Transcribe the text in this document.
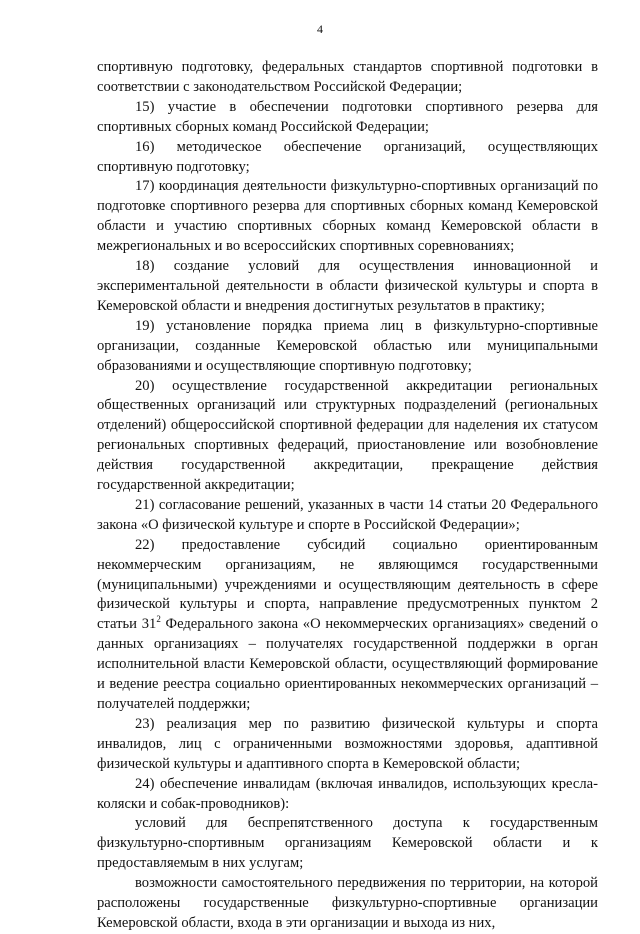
4

спортивную подготовку, федеральных стандартов спортивной подготовки в соответствии с законодательством Российской Федерации;

15) участие в обеспечении подготовки спортивного резерва для спортивных сборных команд Российской Федерации;

16) методическое обеспечение организаций, осуществляющих спортивную подготовку;

17) координация деятельности физкультурно-спортивных организаций по подготовке спортивного резерва для спортивных сборных команд Кемеровской области и участию спортивных сборных команд Кемеровской области в межрегиональных и во всероссийских спортивных соревнованиях;

18) создание условий для осуществления инновационной и экспериментальной деятельности в области физической культуры и спорта в Кемеровской области и внедрения достигнутых результатов в практику;

19) установление порядка приема лиц в физкультурно-спортивные организации, созданные Кемеровской областью или муниципальными образованиями и осуществляющие спортивную подготовку;

20) осуществление государственной аккредитации региональных общественных организаций или структурных подразделений (региональных отделений) общероссийской спортивной федерации для наделения их статусом региональных спортивных федераций, приостановление или возобновление действия государственной аккредитации, прекращение действия государственной аккредитации;

21) согласование решений, указанных в части 14 статьи 20 Федерального закона «О физической культуре и спорте в Российской Федерации»;

22) предоставление субсидий социально ориентированным некоммерческим организациям, не являющимся государственными (муниципальными) учреждениями и осуществляющим деятельность в сфере физической культуры и спорта, направление предусмотренных пунктом 2 статьи $31^2$ Федерального закона «О некоммерческих организациях» сведений о данных организациях – получателях государственной поддержки в орган исполнительной власти Кемеровской области, осуществляющий формирование и ведение реестра социально ориентированных некоммерческих организаций – получателей поддержки;

23) реализация мер по развитию физической культуры и спорта инвалидов, лиц с ограниченными возможностями здоровья, адаптивной физической культуры и адаптивного спорта в Кемеровской области;

24) обеспечение инвалидам (включая инвалидов, использующих кресла-коляски и собак-проводников):

условий для беспрепятственного доступа к государственным физкультурно-спортивным организациям Кемеровской области и к предоставляемым в них услугам;

возможности самостоятельного передвижения по территории, на которой расположены государственные физкультурно-спортивные организации Кемеровской области, входа в эти организации и выхода из них,
